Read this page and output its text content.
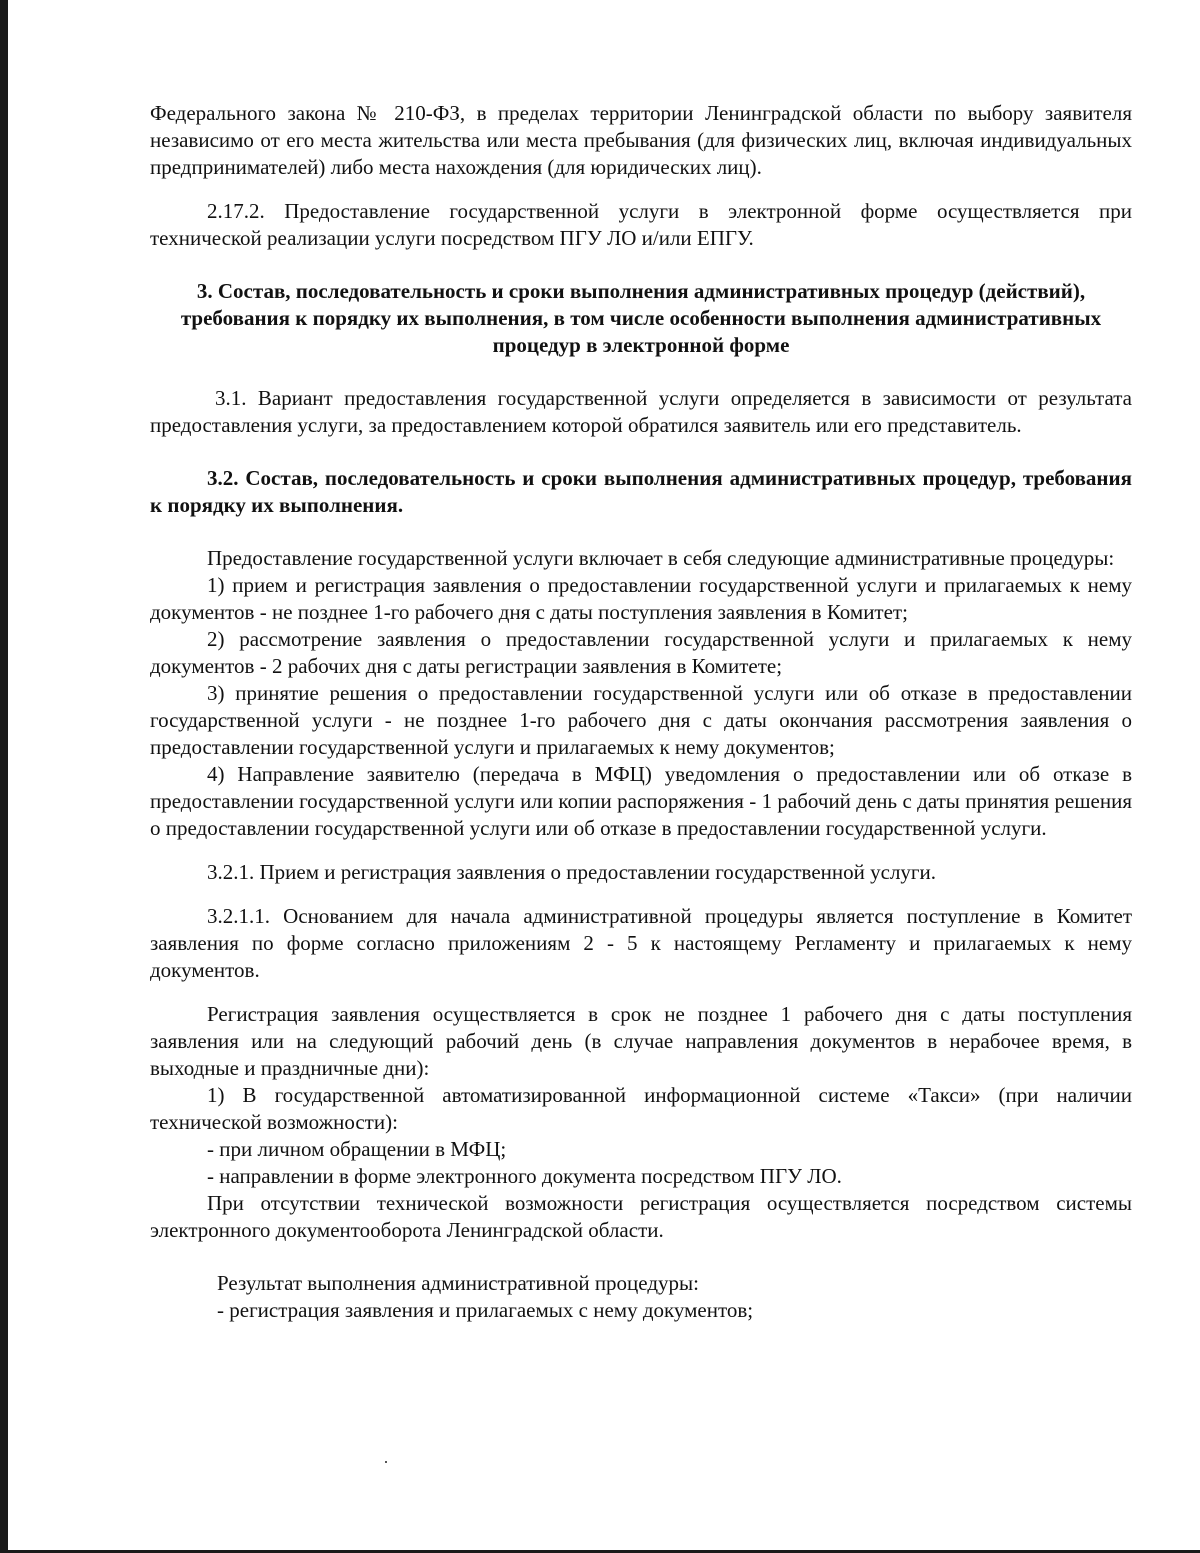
Федерального закона № 210-ФЗ, в пределах территории Ленинградской области по выбору заявителя независимо от его места жительства или места пребывания (для физических лиц, включая индивидуальных предпринимателей) либо места нахождения (для юридических лиц).

2.17.2. Предоставление государственной услуги в электронной форме осуществляется при технической реализации услуги посредством ПГУ ЛО и/или ЕПГУ.

3. Состав, последовательность и сроки выполнения административных процедур (действий), требования к порядку их выполнения, в том числе особенности выполнения административных процедур в электронной форме

3.1. Вариант предоставления государственной услуги определяется в зависимости от результата предоставления услуги, за предоставлением которой обратился заявитель или его представитель.

3.2. Состав, последовательность и сроки выполнения административных процедур, требования к порядку их выполнения.

Предоставление государственной услуги включает в себя следующие административные процедуры:

1) прием и регистрация заявления о предоставлении государственной услуги и прилагаемых к нему документов - не позднее 1-го рабочего дня с даты поступления заявления в Комитет;

2) рассмотрение заявления о предоставлении государственной услуги и прилагаемых к нему документов - 2 рабочих дня с даты регистрации заявления в Комитете;

3) принятие решения о предоставлении государственной услуги или об отказе в предоставлении государственной услуги - не позднее 1-го рабочего дня с даты окончания рассмотрения заявления о предоставлении государственной услуги и прилагаемых к нему документов;

4) Направление заявителю (передача в МФЦ) уведомления о предоставлении или об отказе в предоставлении государственной услуги или копии распоряжения - 1 рабочий день с даты принятия решения о предоставлении государственной услуги или об отказе в предоставлении государственной услуги.

3.2.1. Прием и регистрация заявления о предоставлении государственной услуги.

3.2.1.1. Основанием для начала административной процедуры является поступление в Комитет заявления по форме согласно приложениям 2 - 5 к настоящему Регламенту и прилагаемых к нему документов.

Регистрация заявления осуществляется в срок не позднее 1 рабочего дня с даты поступления заявления или на следующий рабочий день (в случае направления документов в нерабочее время, в выходные и праздничные дни):

1) В государственной автоматизированной информационной системе «Такси» (при наличии технической возможности):

- при личном обращении в МФЦ;

- направлении в форме электронного документа посредством ПГУ ЛО.

При отсутствии технической возможности регистрация осуществляется посредством системы электронного документооборота Ленинградской области.

Результат выполнения административной процедуры:

- регистрация заявления и прилагаемых с нему документов;
